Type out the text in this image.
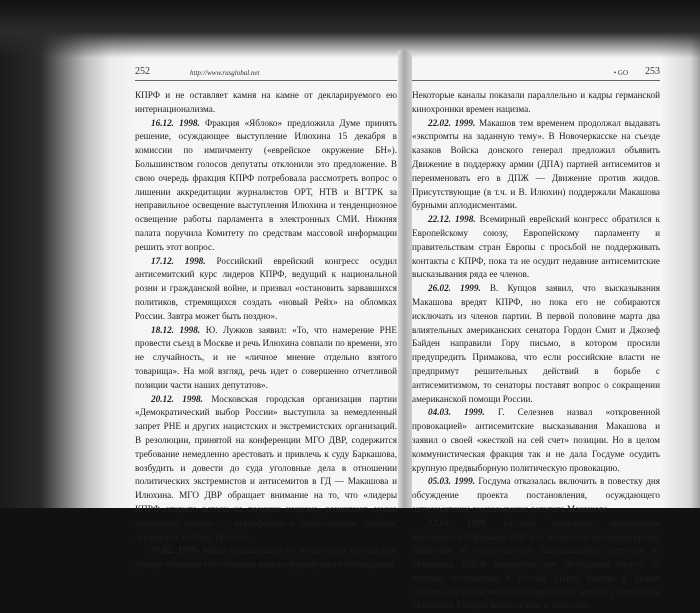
252	http://www.rusglobal.net

КПРФ и не оставляет камня на камне от декларируемого ею интернационализма.

16.12. 1998. Фракция «Яблоко» предложила Думе принять решение, осуждающее выступление Илюхина 15 декабря в комиссии по импичменту («еврейское окружение БН»). Большинством голосов депутаты отклонили это предложение. В свою очередь фракция КПРФ потребовала рассмотреть вопрос о лишении аккредитации журналистов ОРТ, НТВ и ВГТРК за неправильное освещение выступления Илюхина и тенденциозное освещение работы парламента в электронных СМИ. Нижняя палата поручила Комитету по средствам массовой информации решить этот вопрос.

17.12. 1998. Российский еврейский конгресс осудил антисемитский курс лидеров КПРФ, ведущий к национальной розни и гражданской войне, и призвал «остановить зарвавшихся политиков, стремящихся создать «новый Рейх» на обломках России. Завтра может быть поздно».

18.12. 1998. Ю. Лужков заявил: «То, что намерение РНЕ провести съезд в Москве и речь Илюхина совпали по времени, это не случайность, и не «личное мнение отдельно взятого товарища». На мой взгляд, речь идет о совершенно отчетливой позиции части наших депутатов».

20.12. 1998. Московская городская организация партии «Демократический выбор России» выступила за немедленный запрет РНЕ и других нацистских и экстремистских организаций. В резолюции, принятой на конференции МГО ДВР, содержится требование немедленно арестовать и привлечь к суду Баркашова, возбудить и довести до суда уголовные дела в отношении политических экстремистов и антисемитов в ГД — Макашова и Илюхина. МГО ДВР обращает внимание на то, что «лидеры КПРФ открыто встали на позиции нацизма, разжигают самые низменные чувства — ксенофобию и антисемитизм, требуют ограничить свободу прессы».

07.02. 1999. Марш баркашовцев по воскресным московским улицам показали все основные каналы французского телевидения.

• GO 253

Некоторые каналы показали параллельно и кадры германской кинохроники времен нацизма.

22.02. 1999. Макашов тем временем продолжал выдавать «экспромты на заданную тему». В Новочеркасске на съезде казаков Войска донского генерал предложил объявить Движение в поддержку армии (ДПА) партией антисемитов и переименовать его в ДПЖ — Движение против жидов. Присутствующие (в т.ч. и В. Илюхин) поддержали Макашова бурными аплодисментами.

22.12. 1998. Всемирный еврейский конгресс обратился к Европейскому союзу, Европейскому парламенту и правительствам стран Европы с просьбой не поддерживать контакты с КПРФ, пока та не осудит недавние антисемитские высказывания ряда ее членов.

26.02. 1999. В. Купцов заявил, что высказывания Макашова вредят КПРФ, но пока его не собираются исключать из членов партии. В первой половине марта два влиятельных американских сенатора Гордон Смит и Джозеф Байден направили Гору письмо, в котором просили предупредить Примакова, что если российские власти не предпримут решительных действий в борьбе с антисемитизмом, то сенаторы поставят вопрос о сокращении американской помощи России.

04.03. 1999. Г. Селезнев назвал «откровенной провокацией» антисемитские высказывания Макашова и заявил о своей «жесткой на сей счет» позиции. Но в целом коммунистическая фракция так и не дала Госдуме осудить крупную предвыборную политическую провокацию.

05.03. 1999. Госдума отказалась включить в повестку дня обсуждение проекта постановления, осуждающего антисемитские высказывания депутата Макашова.

17.03. 1999. Госдума отклонила предложение парламентской фракции НДР рассмотреть на заседании проект заявления об антисемитских высказываниях депутата А. Макашова. КПРФ выдвинула для обсуждения вопрос об истоках экстремизма в России. Перед входом в здание Госдумы собрался несанкционированный митинг сторонников Макашова. Генерал вышел к ним и несколько
